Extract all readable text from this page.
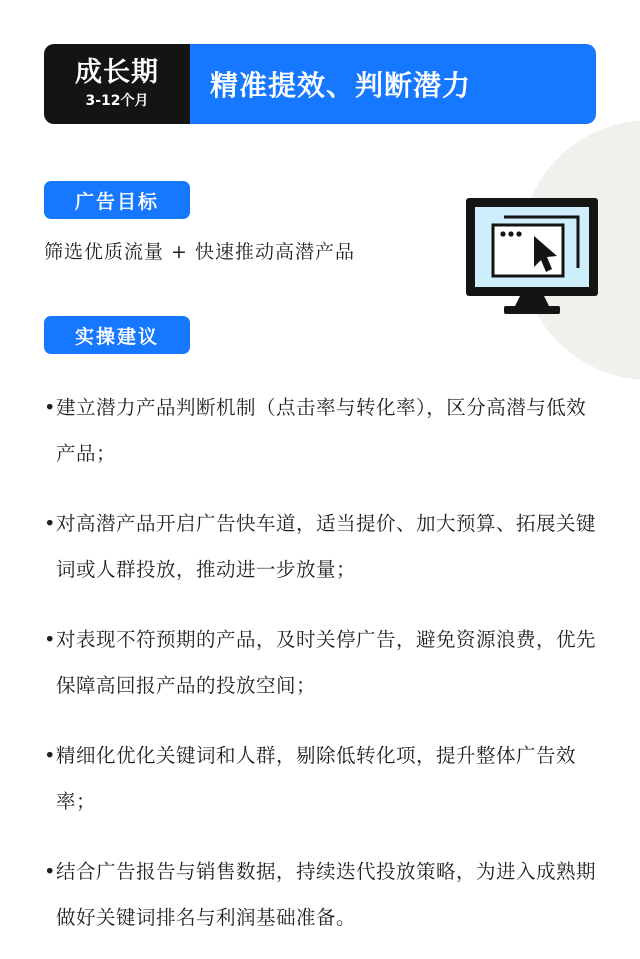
成长期
3-12个月	精准提效、判断潜力
广告目标
筛选优质流量 + 快速推动高潜产品
实操建议
• 建立潜力产品判断机制（点击率与转化率），区分高潜与低效产品；
• 对高潜产品开启广告快车道，适当提价、加大预算、拓展关键词或人群投放，推动进一步放量；
• 对表现不符预期的产品，及时关停广告，避免资源浪费，优先保障高回报产品的投放空间；
• 精细化优化关键词和人群，剔除低转化项，提升整体广告效率；
• 结合广告报告与销售数据，持续迭代投放策略，为进入成熟期做好关键词排名与利润基础准备。
